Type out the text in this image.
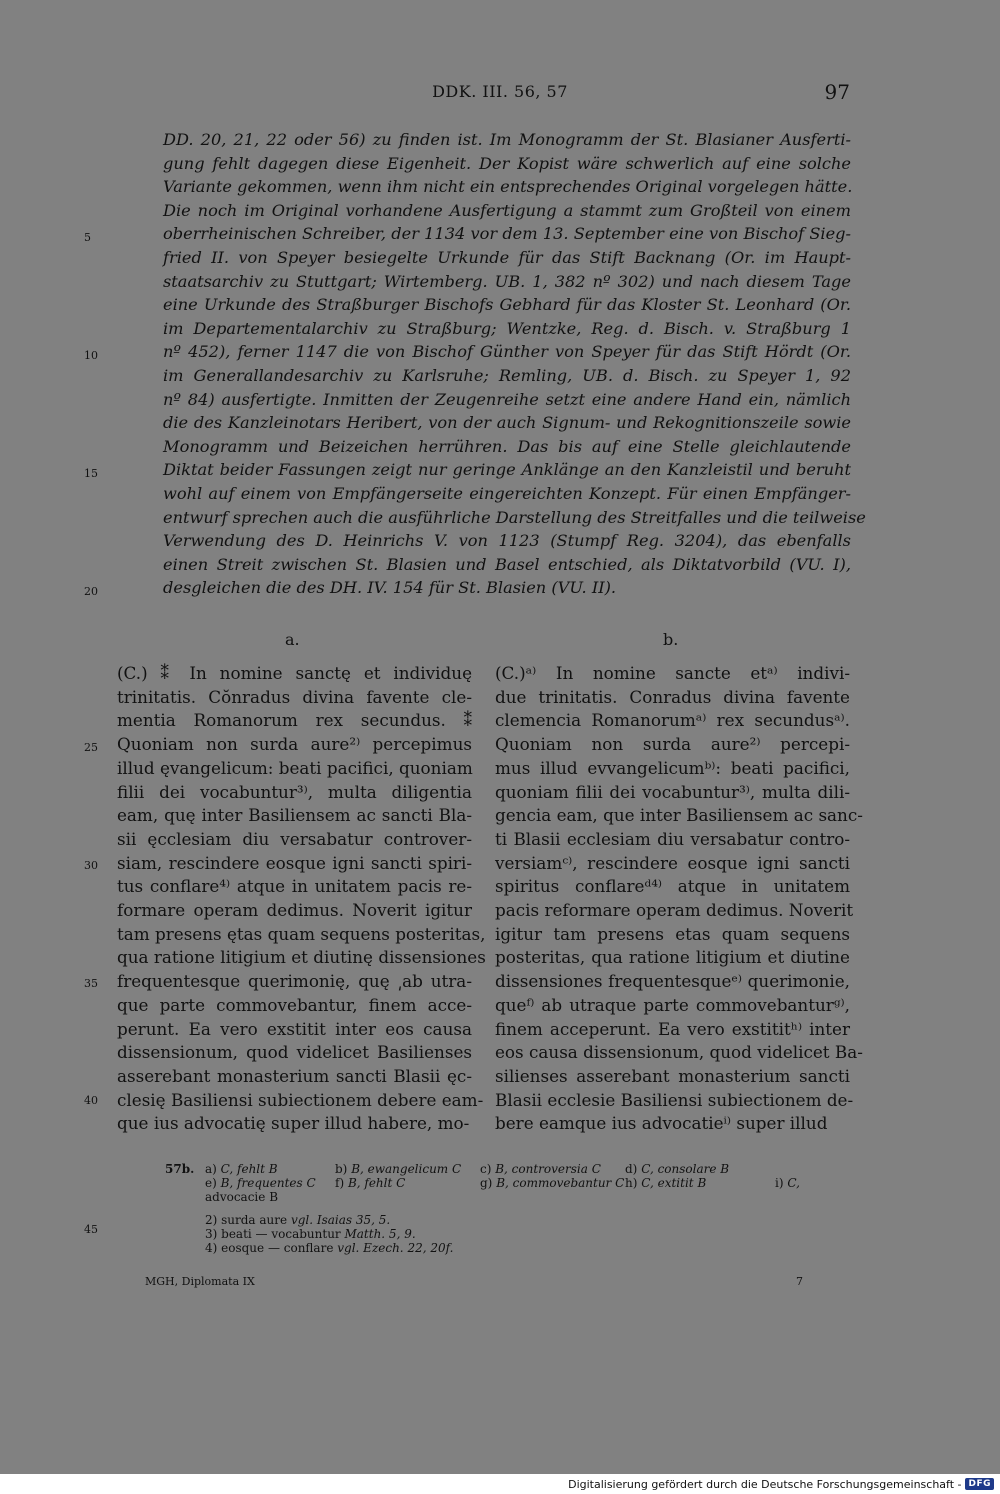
DDK. III. 56, 57	97
DD. 20, 21, 22 oder 56) zu finden ist. Im Monogramm der St. Blasianer Ausferti-
gung fehlt dagegen diese Eigenheit. Der Kopist wäre schwerlich auf eine solche
Variante gekommen, wenn ihm nicht ein entsprechendes Original vorgelegen hätte.
Die noch im Original vorhandene Ausfertigung a stammt zum Großteil von einem
oberrheinischen Schreiber, der 1134 vor dem 13. September eine von Bischof Sieg-
fried II. von Speyer besiegelte Urkunde für das Stift Backnang (Or. im Haupt-
staatsarchiv zu Stuttgart; Wirtemberg. UB. 1, 382 nº 302) und nach diesem Tage
eine Urkunde des Straßburger Bischofs Gebhard für das Kloster St. Leonhard (Or.
im Departementalarchiv zu Straßburg; Wentzke, Reg. d. Bisch. v. Straßburg 1
nº 452), ferner 1147 die von Bischof Günther von Speyer für das Stift Hördt (Or.
im Generallandesarchiv zu Karlsruhe; Remling, UB. d. Bisch. zu Speyer 1, 92
nº 84) ausfertigte. Inmitten der Zeugenreihe setzt eine andere Hand ein, nämlich
die des Kanzleinotars Heribert, von der auch Signum- und Rekognitionszeile sowie
Monogramm und Beizeichen herrühren. Das bis auf eine Stelle gleichlautende
Diktat beider Fassungen zeigt nur geringe Anklänge an den Kanzleistil und beruht
wohl auf einem von Empfängerseite eingereichten Konzept. Für einen Empfänger-
entwurf sprechen auch die ausführliche Darstellung des Streitfalles und die teilweise
Verwendung des D. Heinrichs V. von 1123 (Stumpf Reg. 3204), das ebenfalls
einen Streit zwischen St. Blasien und Basel entschied, als Diktatvorbild (VU. I),
desgleichen die des DH. IV. 154 für St. Blasien (VU. II).
5
10
15
20
25
30
35
40
45
a.	b.
(C.) ⁑ In nomine sanctę et individuę
trinitatis. Cŏnradus divina favente cle-
mentia Romanorum rex secundus. ⁑
Quoniam non surda aure²⁾ percepimus
illud ęvangelicum: beati pacifici, quoniam
filii dei vocabuntur³⁾, multa diligentia
eam, quę inter Basiliensem ac sancti Bla-
sii ęcclesiam diu versabatur controver-
siam, rescindere eosque igni sancti spiri-
tus conflare⁴⁾ atque in unitatem pacis re-
formare operam dedimus. Noverit igitur
tam presens ętas quam sequens posteritas,
qua ratione litigium et diutinę dissensiones
frequentesque querimonię, quę ͵ab utra-
que parte commovebantur, finem acce-
perunt. Ea vero exstitit inter eos causa
dissensionum, quod videlicet Basilienses
asserebant monasterium sancti Blasii ęc-
clesię Basiliensi subiectionem debere eam-
que ius advocatię super illud habere, mo-
(C.)ᵃ⁾ In nomine sancte etᵃ⁾ indivi-
due trinitatis. Conradus divina favente
clemencia Romanorumᵃ⁾ rex secundusᵃ⁾.
Quoniam non surda aure²⁾ percepi-
mus illud evvangelicumᵇ⁾: beati pacifici,
quoniam filii dei vocabuntur³⁾, multa dili-
gencia eam, que inter Basiliensem ac sanc-
ti Blasii ecclesiam diu versabatur contro-
versiamᶜ⁾, rescindere eosque igni sancti
spiritus conflareᵈ⁴⁾ atque in unitatem
pacis reformare operam dedimus. Noverit
igitur tam presens etas quam sequens
posteritas, qua ratione litigium et diutine
dissensiones frequentesqueᵉ⁾ querimonie,
queᶠ⁾ ab utraque parte commovebanturᵍ⁾,
finem acceperunt. Ea vero exstititʰ⁾ inter
eos causa dissensionum, quod videlicet Ba-
silienses asserebant monasterium sancti
Blasii ecclesie Basiliensi subiectionem de-
bere eamque ius advocatieⁱ⁾ super illud
57b. a) C, fehlt B	b) B, ewangelicum C c) B, controversia C d) C, consolare B
e) B, frequentes C f) B, fehlt C	g) B, commovebantur C h) C, extitit B	i) C,
advocacie B
2) surda aure vgl. Isaias 35, 5.
3) beati — vocabuntur Matth. 5, 9.
4) eosque — conflare vgl. Ezech. 22, 20f.
MGH, Diplomata IX	7
Digitalisierung gefördert durch die Deutsche Forschungsgemeinschaft - DFG
